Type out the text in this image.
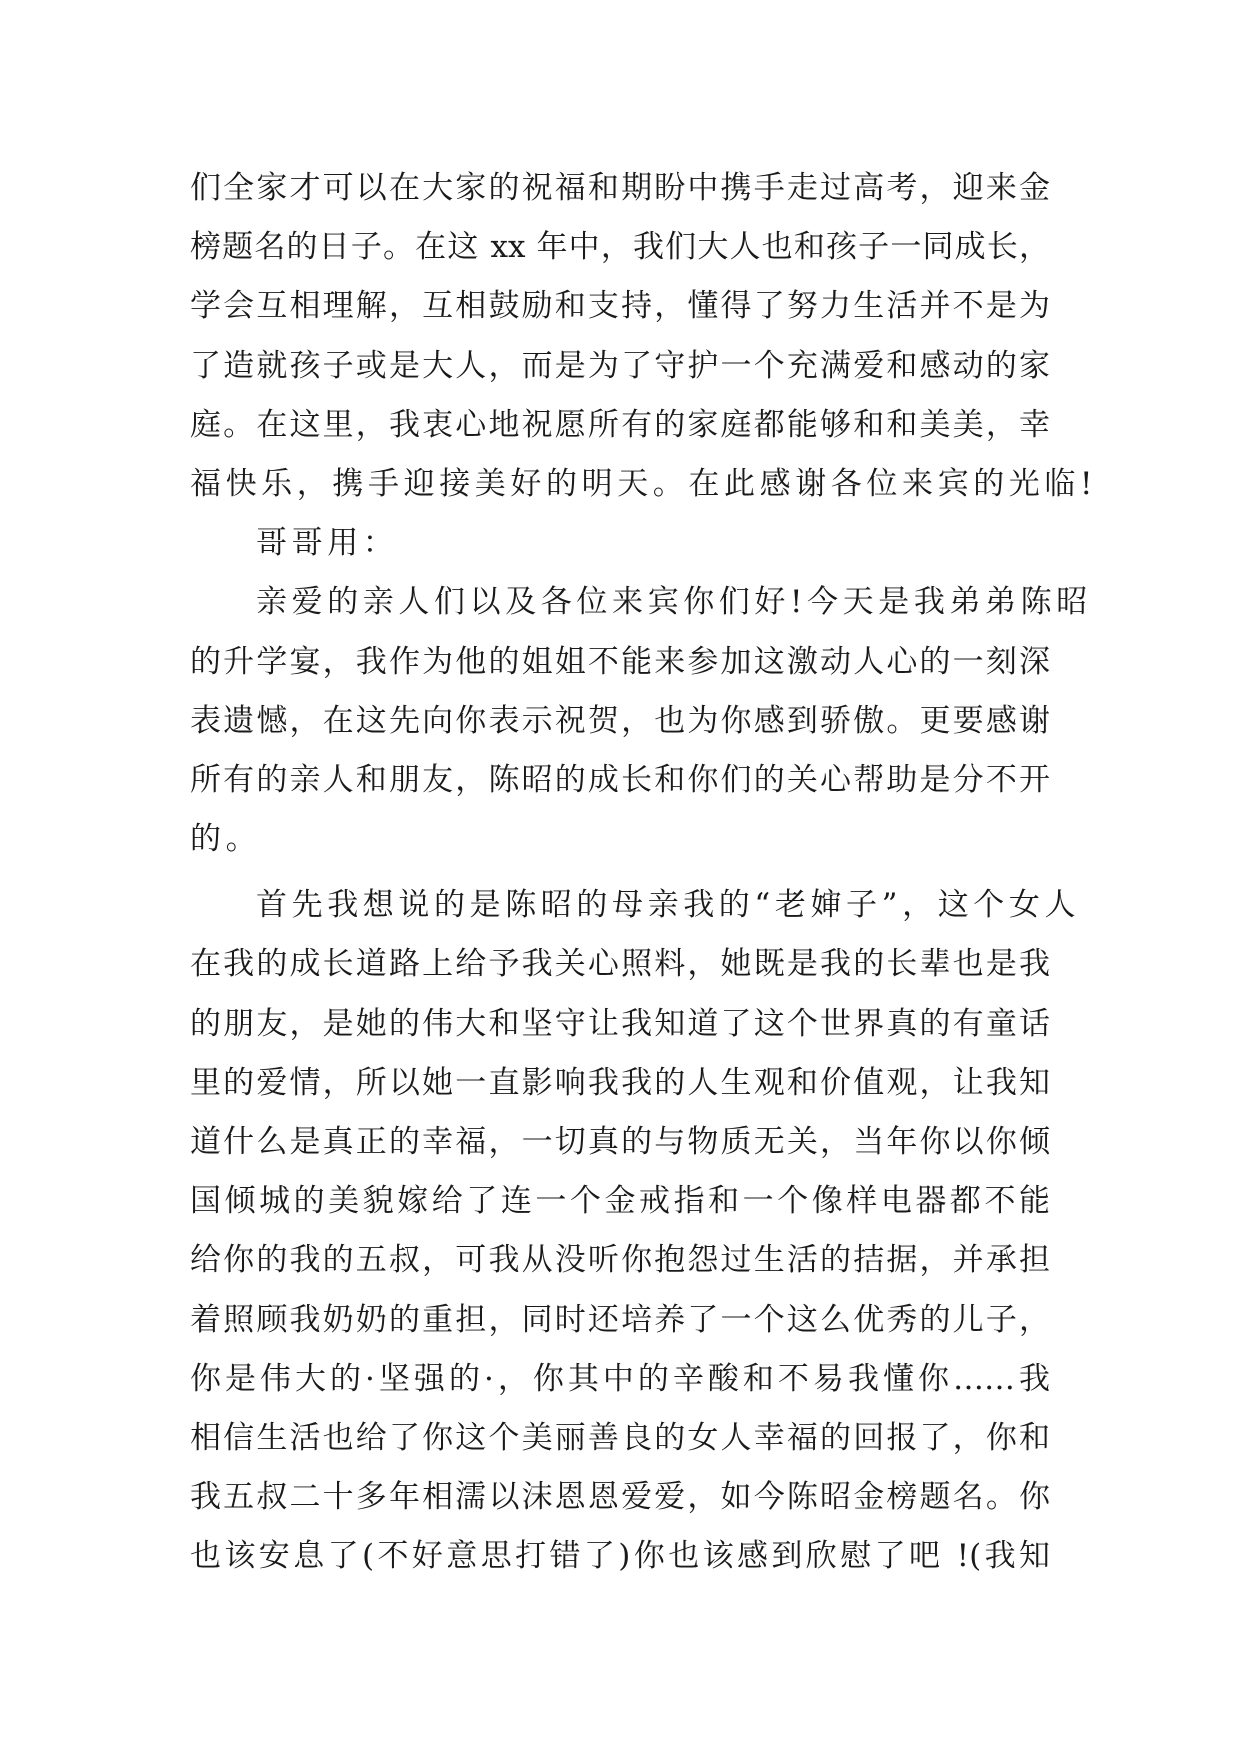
们全家才可以在大家的祝福和期盼中携手走过高考，迎来金
榜题名的日子。在这 xx 年中，我们大人也和孩子一同成长，
学会互相理解，互相鼓励和支持，懂得了努力生活并不是为
了造就孩子或是大人，而是为了守护一个充满爱和感动的家
庭。在这里，我衷心地祝愿所有的家庭都能够和和美美，幸
福快乐，携手迎接美好的明天。在此感谢各位来宾的光临!
哥哥用：
亲爱的亲人们以及各位来宾你们好!今天是我弟弟陈昭
的升学宴，我作为他的姐姐不能来参加这激动人心的一刻深
表遗憾，在这先向你表示祝贺，也为你感到骄傲。更要感谢
所有的亲人和朋友，陈昭的成长和你们的关心帮助是分不开
的。
首先我想说的是陈昭的母亲我的“老婶子”，这个女人
在我的成长道路上给予我关心照料，她既是我的长辈也是我
的朋友，是她的伟大和坚守让我知道了这个世界真的有童话
里的爱情，所以她一直影响我我的人生观和价值观，让我知
道什么是真正的幸福，一切真的与物质无关，当年你以你倾
国倾城的美貌嫁给了连一个金戒指和一个像样电器都不能
给你的我的五叔，可我从没听你抱怨过生活的拮据，并承担
着照顾我奶奶的重担，同时还培养了一个这么优秀的儿子，
你是伟大的·坚强的·，你其中的辛酸和不易我懂你……我
相信生活也给了你这个美丽善良的女人幸福的回报了，你和
我五叔二十多年相濡以沫恩恩爱爱，如今陈昭金榜题名。你
也该安息了(不好意思打错了)你也该感到欣慰了吧 !(我知
